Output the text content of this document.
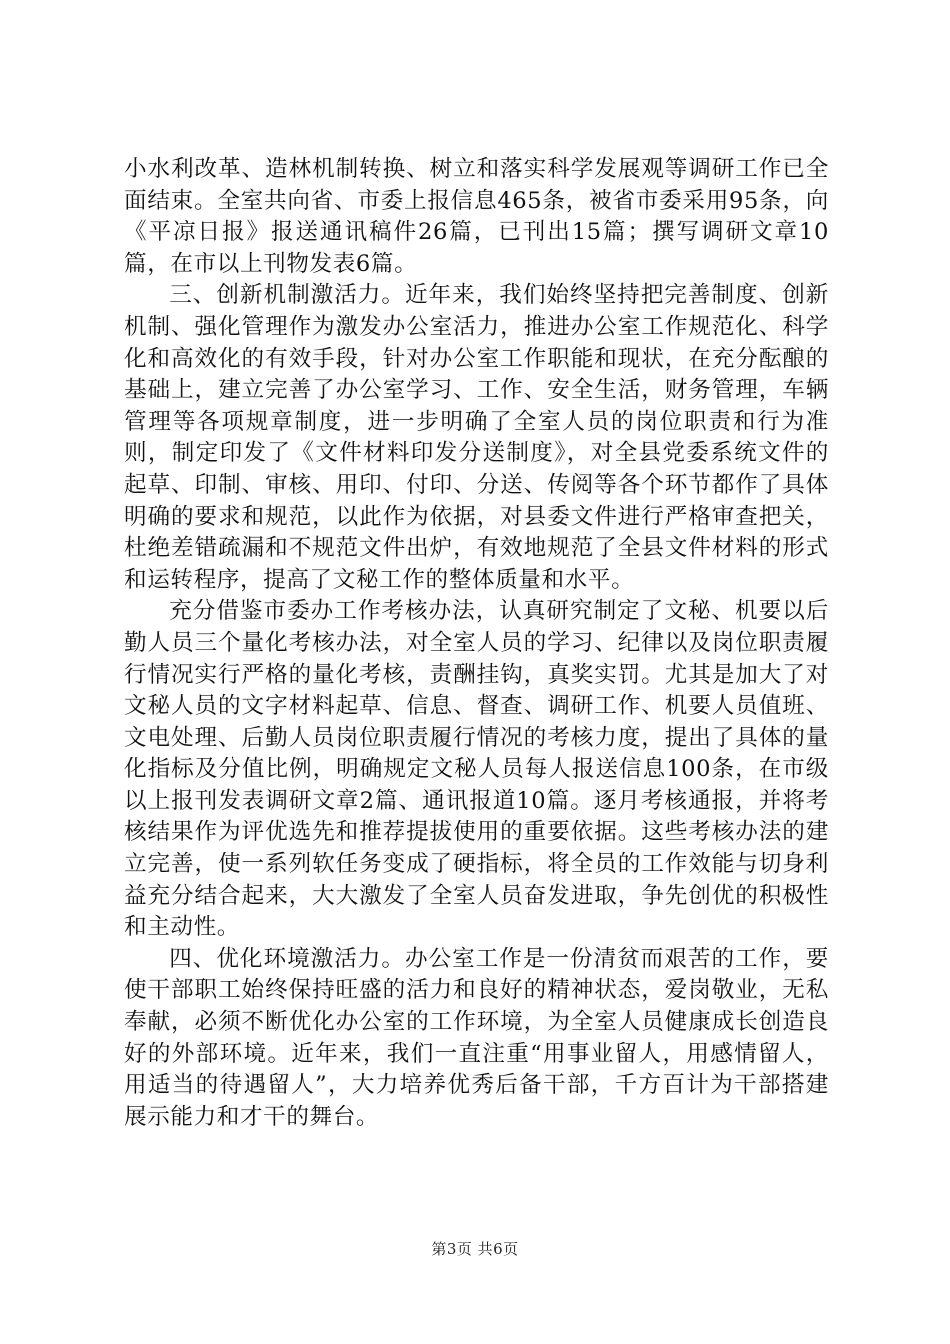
小水利改革、造林机制转换、树立和落实科学发展观等调研工作已全面结束。全室共向省、市委上报信息465条，被省市委采用95条，向《平凉日报》报送通讯稿件26篇，已刊出15篇；撰写调研文章10篇，在市以上刊物发表6篇。

三、创新机制激活力。近年来，我们始终坚持把完善制度、创新机制、强化管理作为激发办公室活力，推进办公室工作规范化、科学化和高效化的有效手段，针对办公室工作职能和现状，在充分酝酿的基础上，建立完善了办公室学习、工作、安全生活，财务管理，车辆管理等各项规章制度，进一步明确了全室人员的岗位职责和行为准则，制定印发了《文件材料印发分送制度》，对全县党委系统文件的起草、印制、审核、用印、付印、分送、传阅等各个环节都作了具体明确的要求和规范，以此作为依据，对县委文件进行严格审查把关，杜绝差错疏漏和不规范文件出炉，有效地规范了全县文件材料的形式和运转程序，提高了文秘工作的整体质量和水平。

充分借鉴市委办工作考核办法，认真研究制定了文秘、机要以后勤人员三个量化考核办法，对全室人员的学习、纪律以及岗位职责履行情况实行严格的量化考核，责酬挂钩，真奖实罚。尤其是加大了对文秘人员的文字材料起草、信息、督查、调研工作、机要人员值班、文电处理、后勤人员岗位职责履行情况的考核力度，提出了具体的量化指标及分值比例，明确规定文秘人员每人报送信息100条，在市级以上报刊发表调研文章2篇、通讯报道10篇。逐月考核通报，并将考核结果作为评优选先和推荐提拔使用的重要依据。这些考核办法的建立完善，使一系列软任务变成了硬指标，将全员的工作效能与切身利益充分结合起来，大大激发了全室人员奋发进取，争先创优的积极性和主动性。

四、优化环境激活力。办公室工作是一份清贫而艰苦的工作，要使干部职工始终保持旺盛的活力和良好的精神状态，爱岗敬业，无私奉献，必须不断优化办公室的工作环境，为全室人员健康成长创造良好的外部环境。近年来，我们一直注重“用事业留人，用感情留人，用适当的待遇留人”，大力培养优秀后备干部，千方百计为干部搭建展示能力和才干的舞台。

第3页 共6页
